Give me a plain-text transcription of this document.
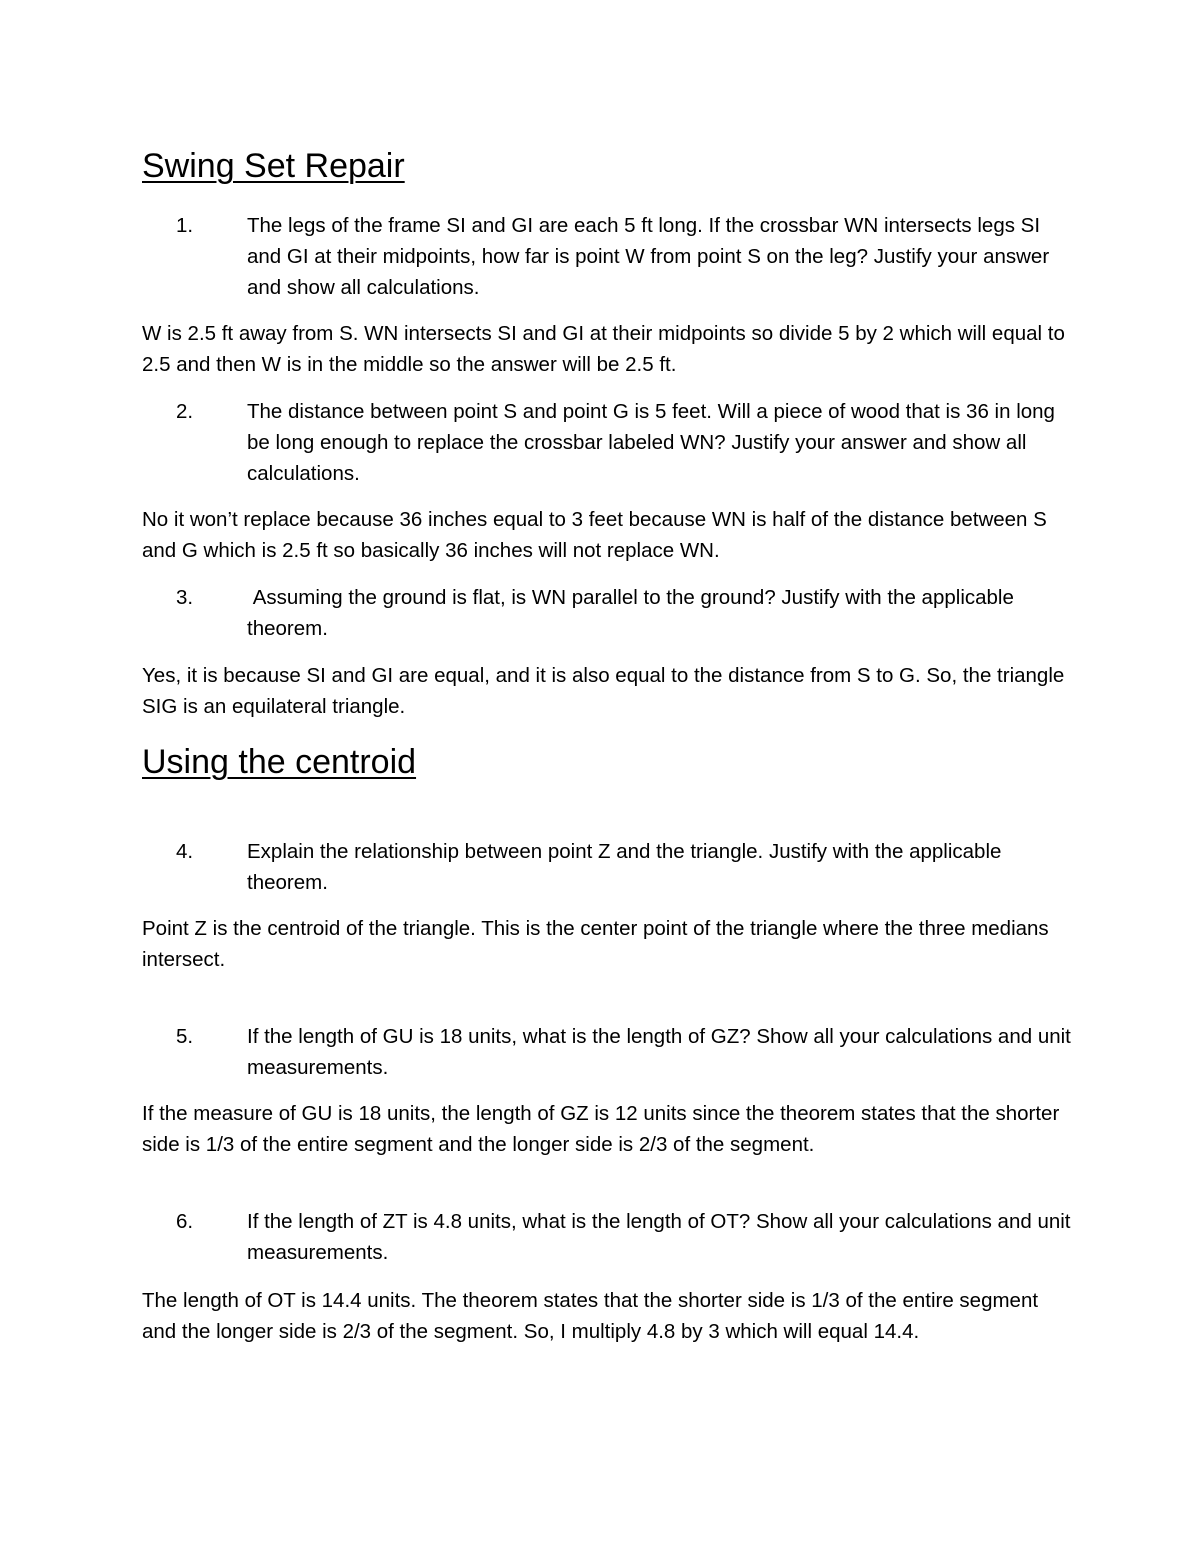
Swing Set Repair
1.	The legs of the frame SI and GI are each 5 ft long. If the crossbar WN intersects legs SI and GI at their midpoints, how far is point W from point S on the leg? Justify your answer and show all calculations.

W is 2.5 ft away from S. WN intersects SI and GI at their midpoints so divide 5 by 2 which will equal to 2.5 and then W is in the middle so the answer will be 2.5 ft.

2.	The distance between point S and point G is 5 feet. Will a piece of wood that is 36 in long be long enough to replace the crossbar labeled WN? Justify your answer and show all calculations.

No it won’t replace because 36 inches equal to 3 feet because WN is half of the distance between S and G which is 2.5 ft so basically 36 inches will not replace WN.

3.	Assuming the ground is flat, is WN parallel to the ground? Justify with the applicable theorem.

Yes, it is because SI and GI are equal, and it is also equal to the distance from S to G. So, the triangle SIG is an equilateral triangle.

Using the centroid
4.	Explain the relationship between point Z and the triangle. Justify with the applicable theorem.

Point Z is the centroid of the triangle. This is the center point of the triangle where the three medians intersect.

5.	If the length of GU is 18 units, what is the length of GZ? Show all your calculations and unit measurements.

If the measure of GU is 18 units, the length of GZ is 12 units since the theorem states that the shorter side is 1/3 of the entire segment and the longer side is 2/3 of the segment.

6.	If the length of ZT is 4.8 units, what is the length of OT? Show all your calculations and unit measurements.

The length of OT is 14.4 units. The theorem states that the shorter side is 1/3 of the entire segment and the longer side is 2/3 of the segment. So, I multiply 4.8 by 3 which will equal 14.4.
